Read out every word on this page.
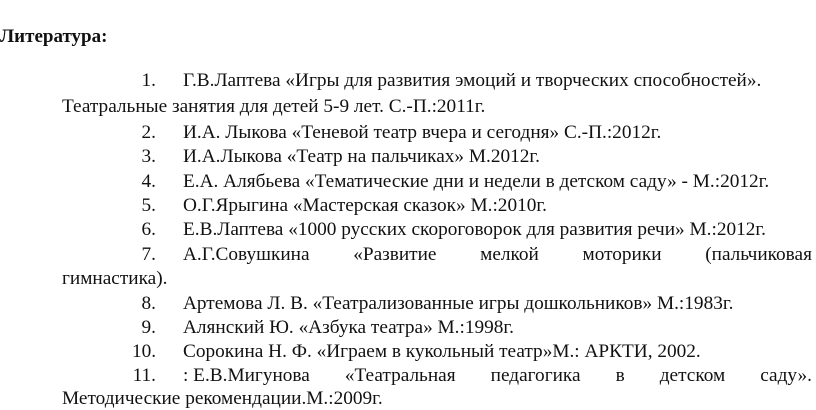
Литература:
1. Г.В.Лаптева «Игры для развития эмоций и творческих способностей».
Театральные занятия для детей 5-9 лет. С.-П.:2011г.
2. И.А. Лыкова «Теневой театр вчера и сегодня» С.-П.:2012г.
3. И.А.Лыкова «Театр на пальчиках» М.2012г.
4. Е.А. Алябьева «Тематические дни и недели в детском саду» - М.:2012г.
5. О.Г.Ярыгина «Мастерская сказок» М.:2010г.
6. Е.В.Лаптева «1000 русских скороговорок для развития речи» М.:2012г.
7. А.Г.Совушкина «Развитие мелкой моторики (пальчиковая
гимнастика).
8. Артемова Л. В. «Театрализованные игры дошкольников» М.:1983г.
9. Алянский Ю. «Азбука театра» М.:1998г.
10. Сорокина Н. Ф. «Играем в кукольный театр»М.: АРКТИ, 2002.
11. : Е.В.Мигунова «Театральная педагогика в детском саду».
Методические рекомендации.М.:2009г.
